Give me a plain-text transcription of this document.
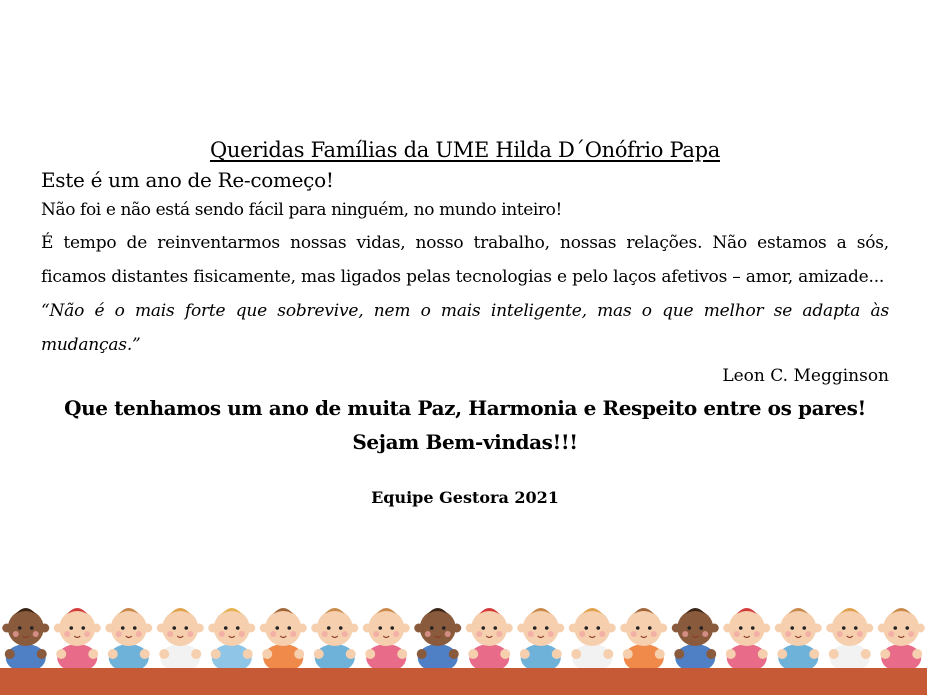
Queridas Famílias da UME Hilda D´Onófrio Papa

Este é um ano de Re-começo!

Não foi e não está sendo fácil para ninguém, no mundo inteiro!

É tempo de reinventarmos nossas vidas, nosso trabalho, nossas relações. Não estamos a sós, ficamos distantes fisicamente, mas ligados pelas tecnologias e pelo laços afetivos – amor, amizade...

“Não é o mais forte que sobrevive, nem o mais inteligente, mas o que melhor se adapta às mudanças.”

Leon C. Megginson

Que tenhamos um ano de muita Paz, Harmonia e Respeito entre os pares!

Sejam Bem-vindas!!!

Equipe Gestora 2021
